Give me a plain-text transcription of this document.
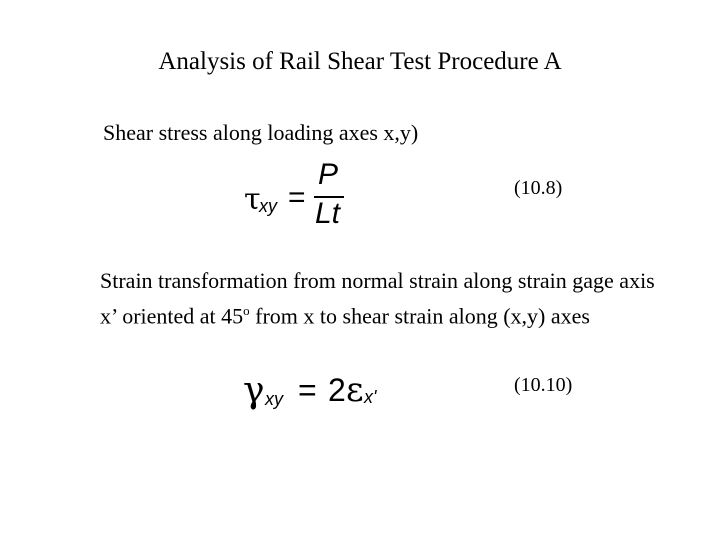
Analysis of Rail Shear Test Procedure A
Shear stress along loading axes x,y)
τ
xy =
P
Lt
(10.8)
Strain transformation from normal strain along strain gage axis x’ oriented at 45$^o$ from x to shear strain along (x,y) axes
γ xy = 2 ε x'
(10.10)
